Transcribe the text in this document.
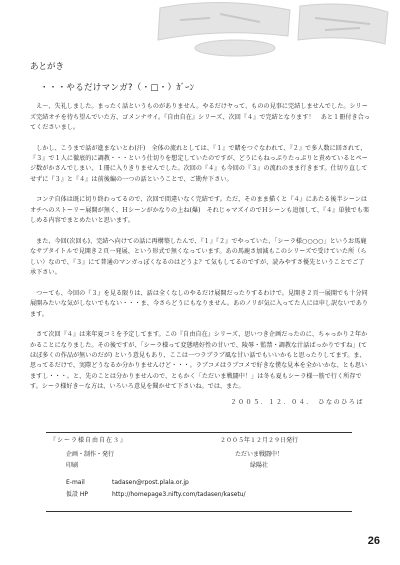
あとがき

・・・やるだけマンガ?（・□・）ｶﾞｰﾝ

え～、失礼しました。まったく話というものがありません。やるだけヤって、ものの見事に完結しませんでした。シリーズ完結オチを待ち望んでいた方、ゴメンナサイ。『自由自在』シリーズ、次回『４』で完結となります！　あと１冊付き合ってくださいまし。

しかし、こうまで話が進まないとわ(汗)　全体の流れとしては、『１』で賭をつぐなわれて、『２』で多人数に回されて、『３』で１人に徹底的に調教・・・という仕切りを想定していたのですが、どうにもねっぷりたっぷりと責めているとページ数がかさんでしまい、１冊に入りきりませんでした。次回の『４』も今回の『３』の流れのまま行きます。仕切り直してせずに『３』と『４』は前後編の一つの話ということで、ご勘弁下さい。

コンテ自体は既に切り終わってるので、次回で間違いなく完結です。ただ、そのまま描くと『４』にあたる後半シーンはオチへのストーリー展開が無く、Ｈシーンがかなりの上ね(爆)　それじゃマズイのでＨシーンも追加して、『４』単独でも楽しめる内容でまとめたいと思います。

また、今回(次回も)、完結へ向けての話に再構築したんで、『１』『２』でやっていた、「シーラ様○○○○」というお馬鹿なサブタイトルで見開き２頁一発展、という形式で無くなっています。あの馬鹿さ加減もこのシリーズで受けていた所（らしい）なので、『３』にて普通のマンガっぽくなるのはどうよ？て気もしてるのですが、読みやすさ優先ということでご了承下さい。

つーても、今回の『３』を見る限りは、話は全くなしのやるだけ展開だったりするわけで。見開き２頁一展開でも十分同展開みたいな気がしないでもない・・・ま、今さらどうにもなりません。あのノリが気に入ってた人には申し訳ないであります。

さて次回『４』は来年夏コミを予定してます。この『自由自在』シリーズ、思いつき企画だったのに、ちゃっかり２年かかることになりました。その後ですが、「シーラ様って変態嗜好性の甘いで、陵辱・監禁・調教な汁話ばっかりですね」(てほぼ多くの作品が無いのだが) という意見もあり、ここは一つラブラブ風な甘い話でもいいかもと思ったりしてます。ま、思ってるだけで、実際どうなるか分かりませんけど・・・。ラブコメはラブコメで好きな僕な見本を全かいかな、とも思いますし・・・。と、先のことは分かりませんので、ともかく「ただいま戦闘中！」は冬も夏もシーラ様一筋で行く所存です。シーラ様好き～な方は、いろいろ意見を聞かせて下さいね。では、また。

２００５．１２．０４．　ひなのひろば

『シーラ様自由自在３』	２００５年１２月２９日発行
企画・制作・発行	ただいま戦闘中！
印刷	緑陽社
E-mail	tadasen@rpost.plala.or.jp
仮設 HP	http://homepage3.nifty.com/tadasen/kasetu/
26
